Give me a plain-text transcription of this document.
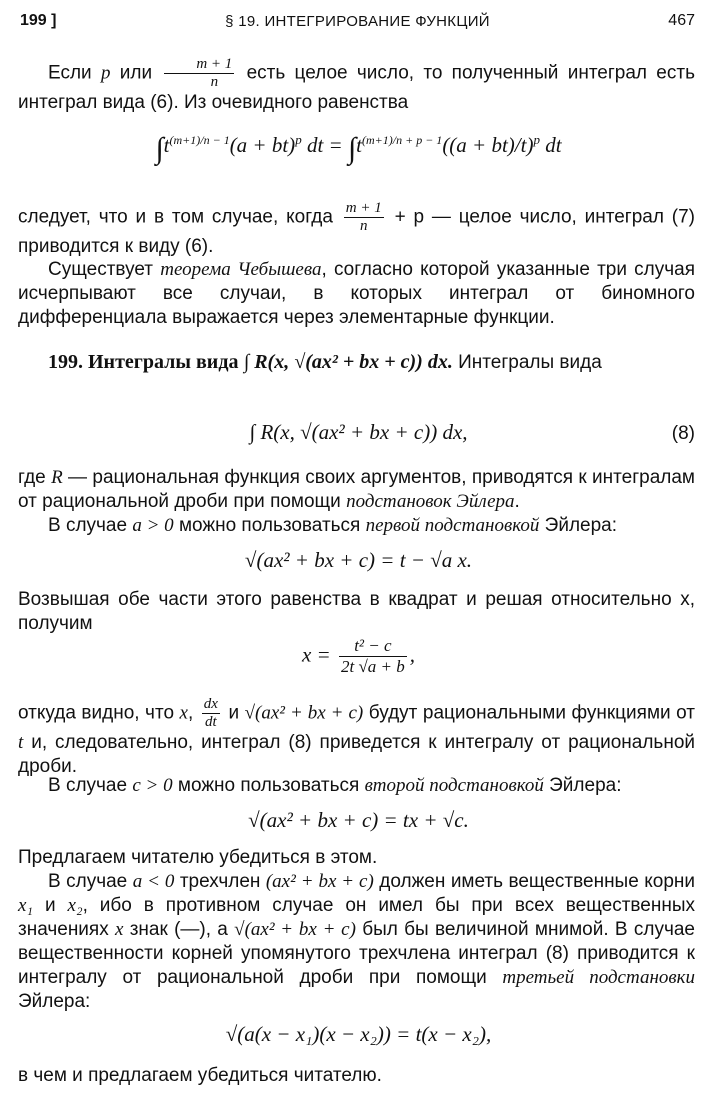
199 ]	§ 19. ИНТЕГРИРОВАНИЕ ФУНКЦИЙ	467
Если p или $\frac{m + 1}{n}$ есть целое число, то полученный интеграл есть интеграл вида (6). Из очевидного равенства
$\int t^{(m+1)/n - 1}(a + bt)^p$ dt = $\int t^{(m+1)/n + p - 1}((a + bt)/t)^p$ dt
следует, что и в том случае, когда $\frac{m + 1}{n} + p$ — целое число, интеграл (7) приводится к виду (6).
Существует теорема Чебышева, согласно которой указанные три случая исчерпывают все случаи, в которых интеграл от биномного дифференциала выражается через элементарные функции.
199. Интегралы вида ∫ R(x, √(ax² + bx + c)) dx. Интегралы вида
∫ R(x, √(ax² + bx + c)) dx,	(8)
где R — рациональная функция своих аргументов, приводятся к интегралам от рациональной дроби при помощи подстановок Эйлера.
В случае a > 0 можно пользоваться первой подстановкой Эйлера:
√(ax² + bx + c) = t − √a x.
Возвышая обе части этого равенства в квадрат и решая относительно x, получим
$x = \frac{\text{t² − c}}{2t √a + b}$ ,
откуда видно, что x, $\frac{dx}{dt}$ и √(ax² + bx + c) будут рациональными функциями от t и, следовательно, интеграл (8) приведется к интегралу от рациональной дроби.
В случае c > 0 можно пользоваться второй подстановкой Эйлера:
√(ax² + bx + c) = tx + √c.
Предлагаем читателю убедиться в этом.
В случае a < 0 трехчлен (ax² + bx + c) должен иметь вещественные корни x₁ и x₂, ибо в противном случае он имел бы при всех вещественных значениях x знак (—), а √(ax² + bx + c) был бы величиной мнимой. В случае вещественности корней упомянутого трехчлена интеграл (8) приводится к интегралу от рациональной дроби при помощи третьей подстановки Эйлера:
√(a(x − x₁)(x − x₂)) = t(x − x₂),
в чем и предлагаем убедиться читателю.
